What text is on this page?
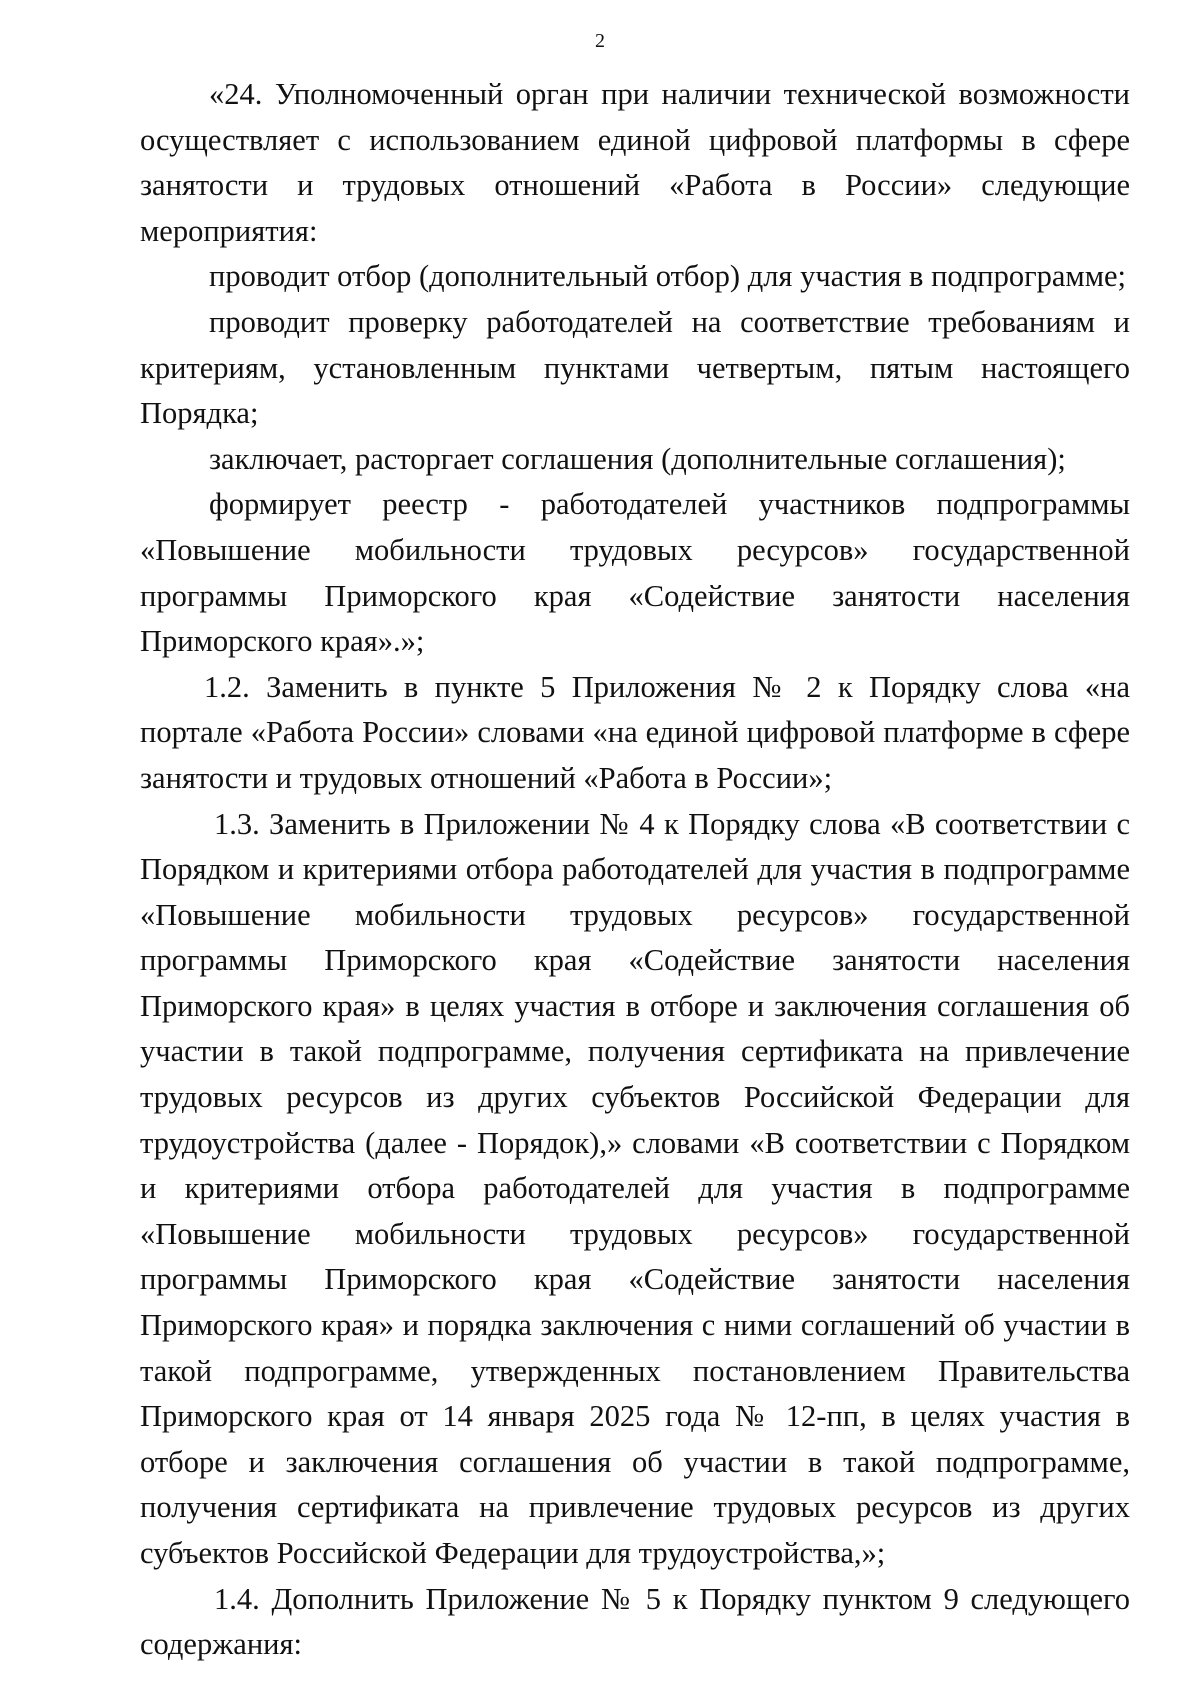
2

«24. Уполномоченный орган при наличии технической возможности осуществляет с использованием единой цифровой платформы в сфере занятости и трудовых отношений «Работа в России» следующие мероприятия:

проводит отбор (дополнительный отбор) для участия в подпрограмме;

проводит проверку работодателей на соответствие требованиям и критериям, установленным пунктами четвертым, пятым настоящего Порядка;

заключает, расторгает соглашения (дополнительные соглашения);

формирует реестр - работодателей участников подпрограммы «Повышение мобильности трудовых ресурсов» государственной программы Приморского края «Содействие занятости населения Приморского края».»;

1.2. Заменить в пункте 5 Приложения № 2 к Порядку слова «на портале «Работа России» словами «на единой цифровой платформе в сфере занятости и трудовых отношений «Работа в России»;

1.3. Заменить в Приложении № 4 к Порядку слова «В соответствии с Порядком и критериями отбора работодателей для участия в подпрограмме «Повышение мобильности трудовых ресурсов» государственной программы Приморского края «Содействие занятости населения Приморского края» в целях участия в отборе и заключения соглашения об участии в такой подпрограмме, получения сертификата на привлечение трудовых ресурсов из других субъектов Российской Федерации для трудоустройства (далее - Порядок),» словами «В соответствии с Порядком и критериями отбора работодателей для участия в подпрограмме «Повышение мобильности трудовых ресурсов» государственной программы Приморского края «Содействие занятости населения Приморского края» и порядка заключения с ними соглашений об участии в такой подпрограмме, утвержденных постановлением Правительства Приморского края от 14 января 2025 года № 12-пп, в целях участия в отборе и заключения соглашения об участии в такой подпрограмме, получения сертификата на привлечение трудовых ресурсов из других субъектов Российской Федерации для трудоустройства,»;

1.4. Дополнить Приложение № 5 к Порядку пунктом 9 следующего содержания:
